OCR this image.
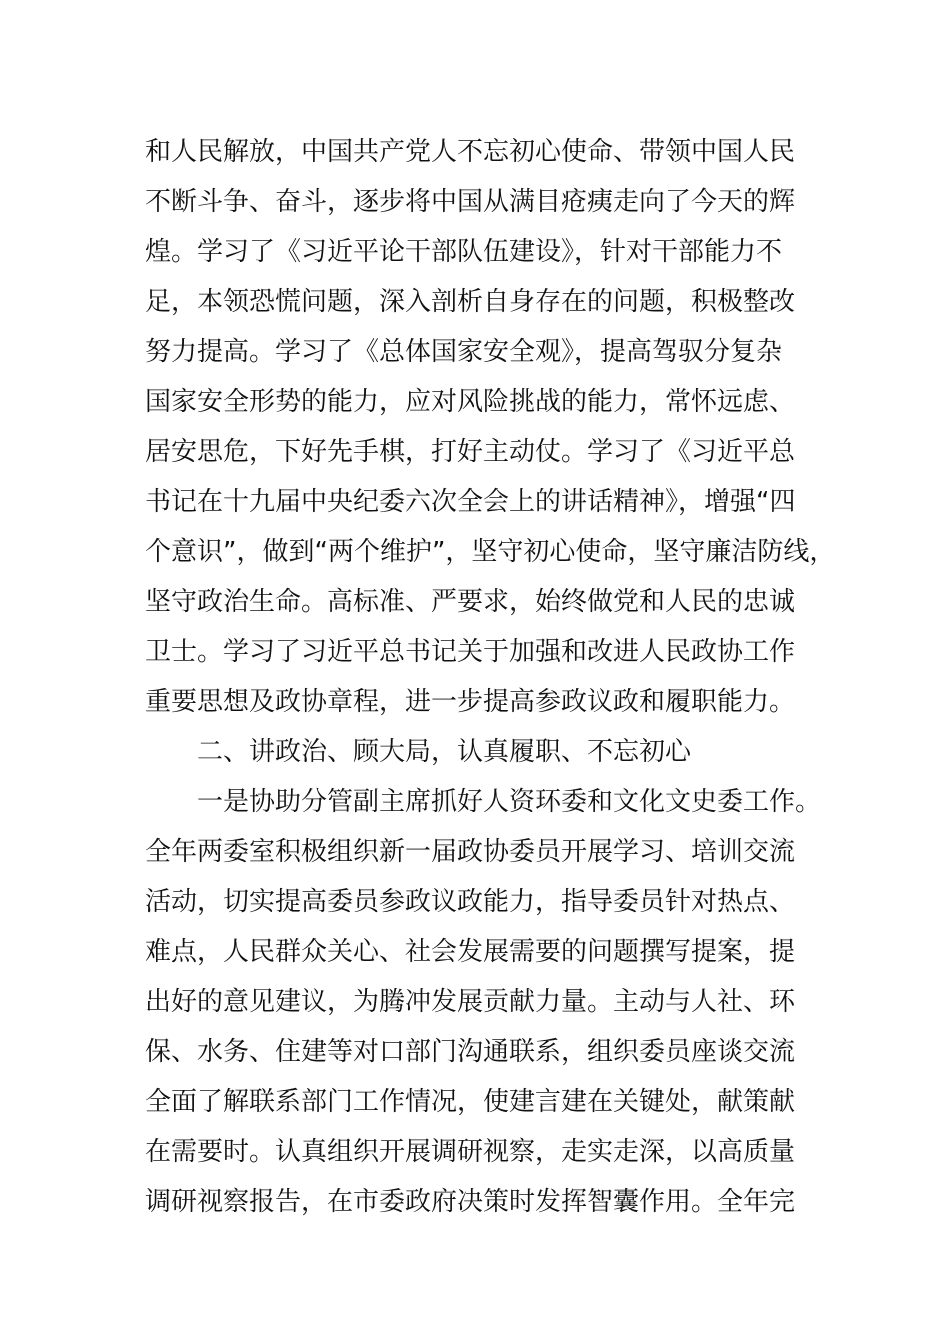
和人民解放，中国共产党人不忘初心使命、带领中国人民
不断斗争、奋斗，逐步将中国从满目疮痍走向了今天的辉
煌。学习了《习近平论干部队伍建设》，针对干部能力不
足，本领恐慌问题，深入剖析自身存在的问题，积极整改
努力提高。学习了《总体国家安全观》，提高驾驭分复杂
国家安全形势的能力，应对风险挑战的能力，常怀远虑、
居安思危，下好先手棋，打好主动仗。学习了《习近平总
书记在十九届中央纪委六次全会上的讲话精神》，增强“四
个意识”，做到“两个维护”，坚守初心使命，坚守廉洁防线，
坚守政治生命。高标准、严要求，始终做党和人民的忠诚
卫士。学习了习近平总书记关于加强和改进人民政协工作
重要思想及政协章程，进一步提高参政议政和履职能力。
二、讲政治、顾大局，认真履职、不忘初心
一是协助分管副主席抓好人资环委和文化文史委工作。
全年两委室积极组织新一届政协委员开展学习、培训交流
活动，切实提高委员参政议政能力，指导委员针对热点、
难点，人民群众关心、社会发展需要的问题撰写提案，提
出好的意见建议，为腾冲发展贡献力量。主动与人社、环
保、水务、住建等对口部门沟通联系，组织委员座谈交流
全面了解联系部门工作情况，使建言建在关键处，献策献
在需要时。认真组织开展调研视察，走实走深，以高质量
调研视察报告，在市委政府决策时发挥智囊作用。全年完
